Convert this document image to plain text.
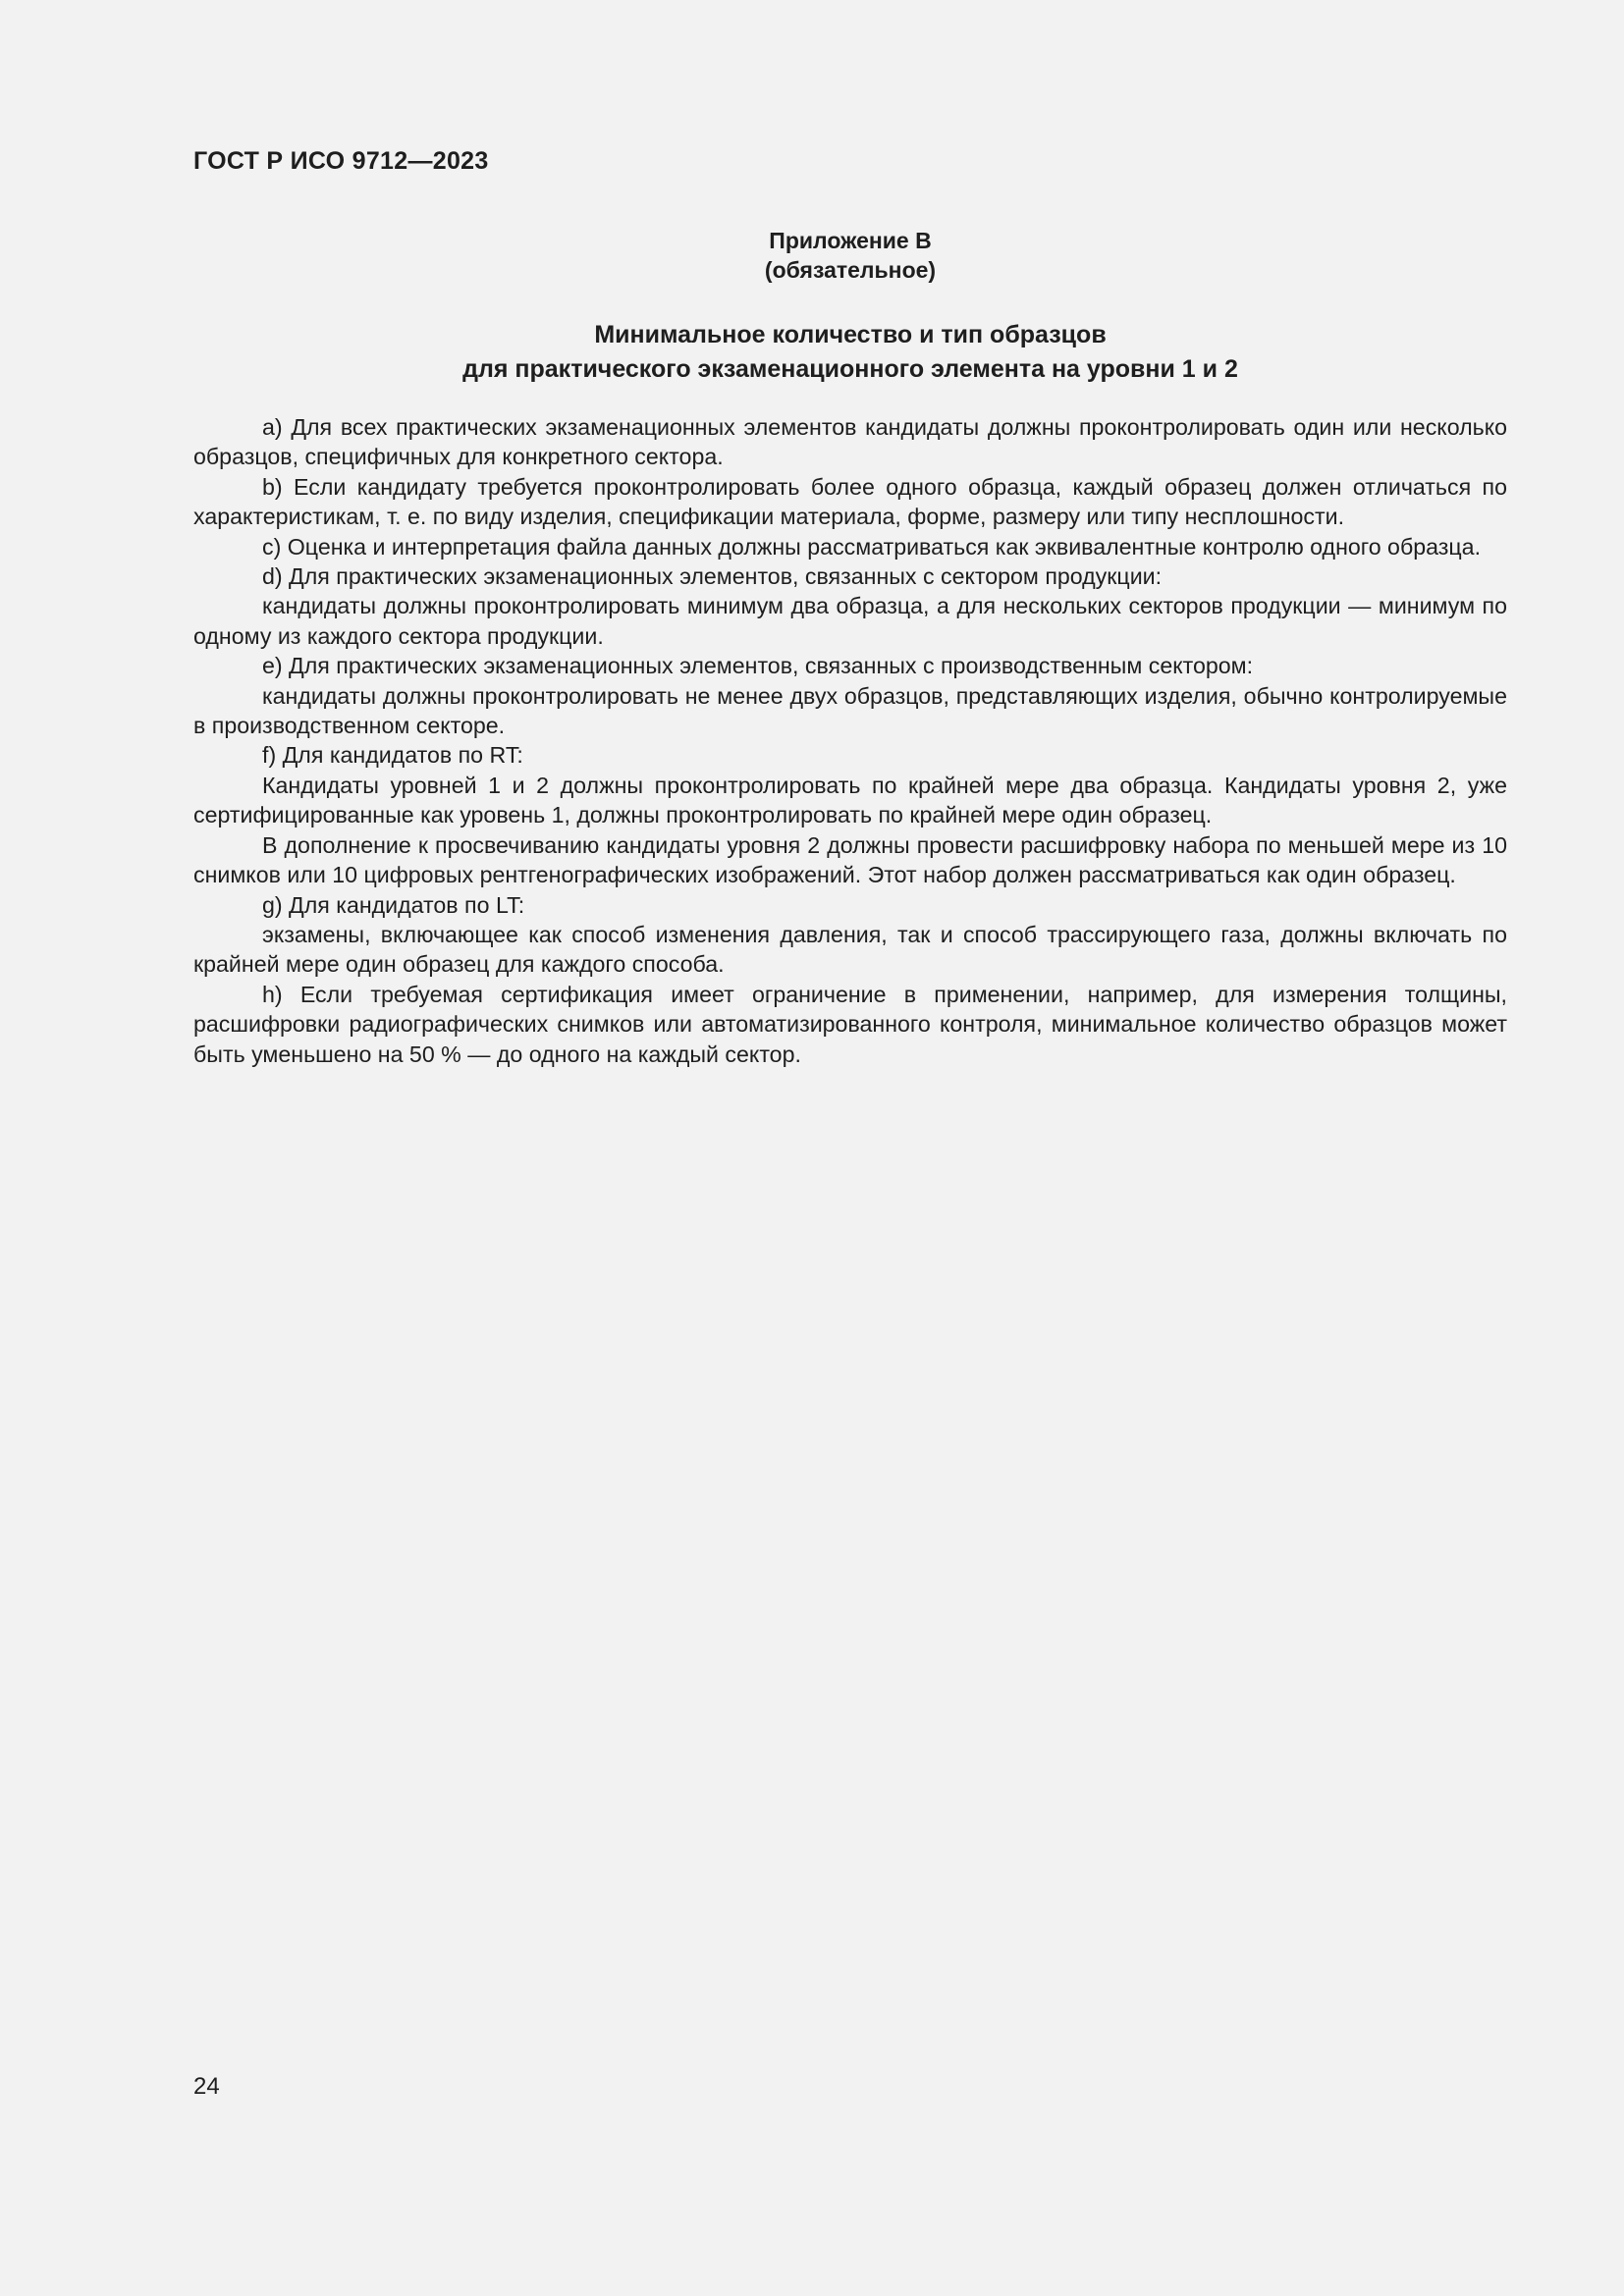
ГОСТ Р ИСО 9712—2023
Приложение B
(обязательное)
Минимальное количество и тип образцов
для практического экзаменационного элемента на уровни 1 и 2

a) Для всех практических экзаменационных элементов кандидаты должны проконтролировать один или несколько образцов, специфичных для конкретного сектора.

b) Если кандидату требуется проконтролировать более одного образца, каждый образец должен отличаться по характеристикам, т. е. по виду изделия, спецификации материала, форме, размеру или типу несплошности.

c) Оценка и интерпретация файла данных должны рассматриваться как эквивалентные контролю одного образца.

d) Для практических экзаменационных элементов, связанных с сектором продукции:

кандидаты должны проконтролировать минимум два образца, а для нескольких секторов продукции — минимум по одному из каждого сектора продукции.

e) Для практических экзаменационных элементов, связанных с производственным сектором:

кандидаты должны проконтролировать не менее двух образцов, представляющих изделия, обычно контролируемые в производственном секторе.

f) Для кандидатов по RT:

Кандидаты уровней 1 и 2 должны проконтролировать по крайней мере два образца. Кандидаты уровня 2, уже сертифицированные как уровень 1, должны проконтролировать по крайней мере один образец.

В дополнение к просвечиванию кандидаты уровня 2 должны провести расшифровку набора по меньшей мере из 10 снимков или 10 цифровых рентгенографических изображений. Этот набор должен рассматриваться как один образец.

g) Для кандидатов по LT:

экзамены, включающее как способ изменения давления, так и способ трассирующего газа, должны включать по крайней мере один образец для каждого способа.

h) Если требуемая сертификация имеет ограничение в применении, например, для измерения толщины, расшифровки радиографических снимков или автоматизированного контроля, минимальное количество образцов может быть уменьшено на 50 % — до одного на каждый сектор.

24
